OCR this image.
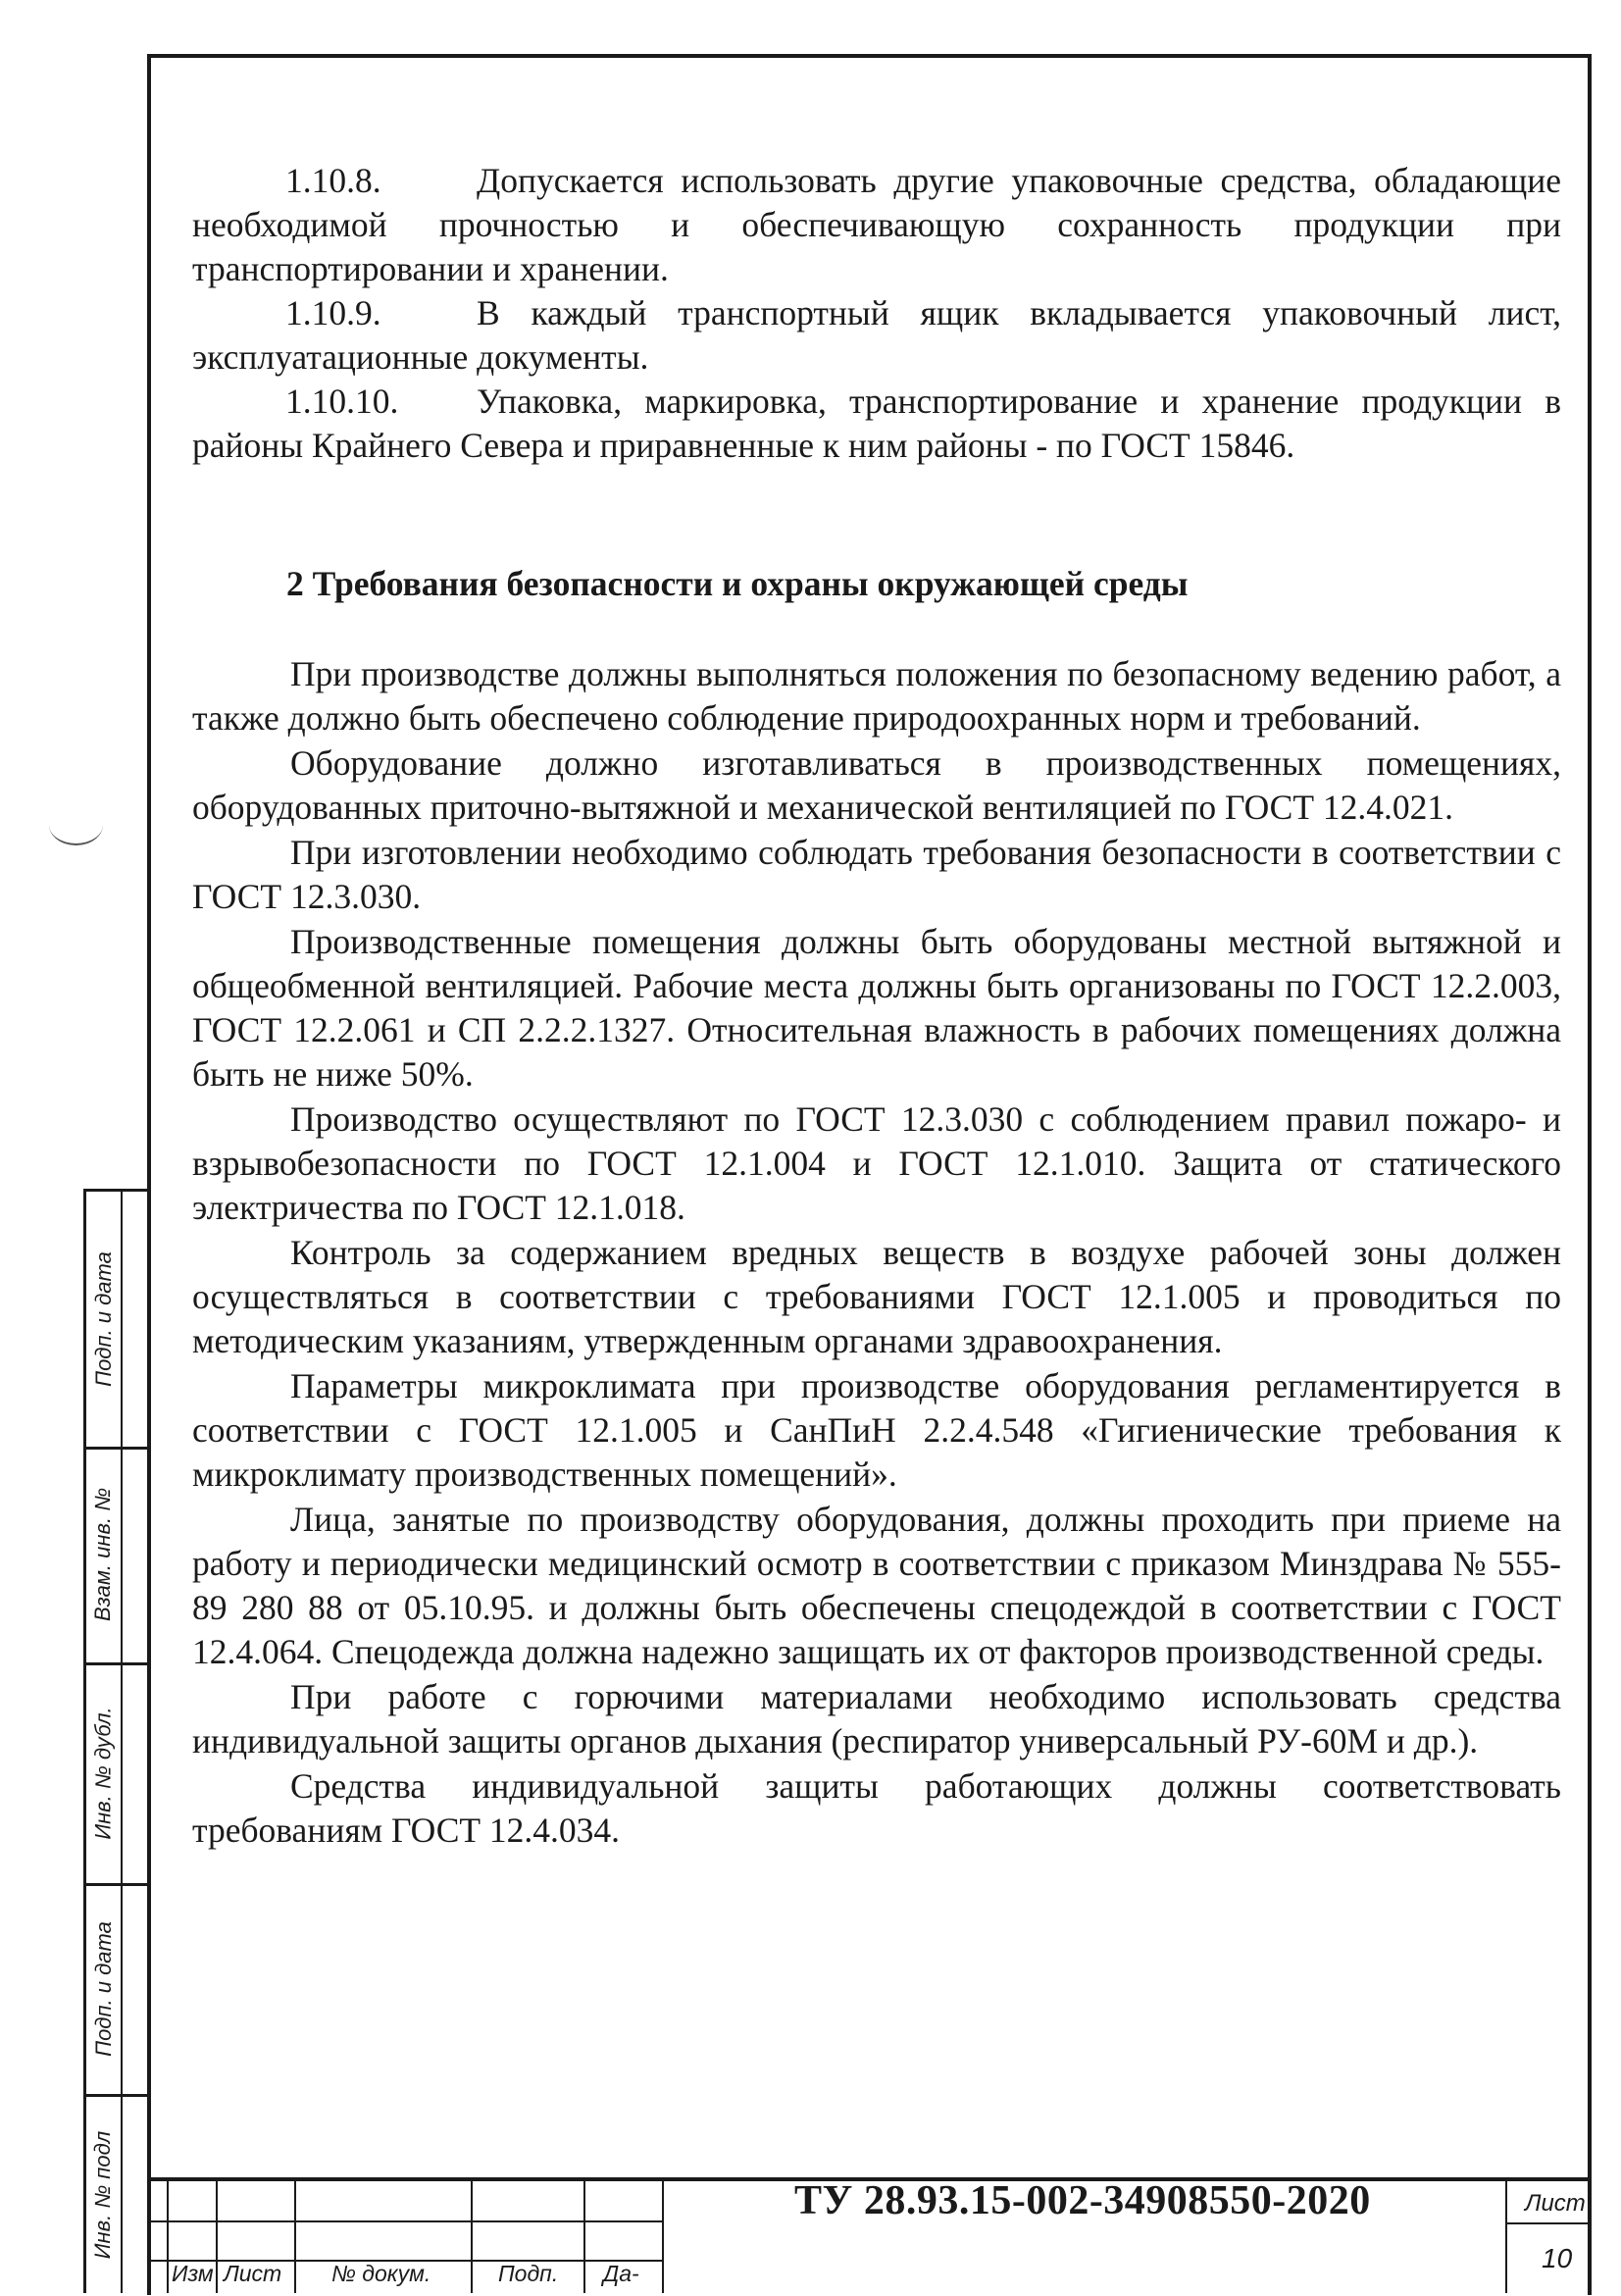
1.10.8.	Допускается использовать другие упаковочные средства, обладающие необходимой прочностью и обеспечивающую сохранность продукции при транспортировании и хранении.

1.10.9.	В каждый транспортный ящик вкладывается упаковочный лист, эксплуатационные документы.

1.10.10. Упаковка, маркировка, транспортирование и хранение продукции в районы Крайнего Севера и приравненные к ним районы - по ГОСТ 15846.

2 Требования безопасности и охраны окружающей среды

При производстве должны выполняться положения по безопасному ведению работ, а также должно быть обеспечено соблюдение природоохранных норм и требований.

Оборудование должно изготавливаться в производственных помещениях, оборудованных приточно-вытяжной и механической вентиляцией по ГОСТ 12.4.021.

При изготовлении необходимо соблюдать требования безопасности в соответствии с ГОСТ 12.3.030.

Производственные помещения должны быть оборудованы местной вытяжной и общеобменной вентиляцией. Рабочие места должны быть организованы по ГОСТ 12.2.003, ГОСТ 12.2.061 и СП 2.2.2.1327. Относительная влажность в рабочих помещениях должна быть не ниже 50%.

Производство осуществляют по ГОСТ 12.3.030 с соблюдением правил пожаро- и взрывобезопасности по ГОСТ 12.1.004 и ГОСТ 12.1.010. Защита от статического электричества по ГОСТ 12.1.018.

Контроль за содержанием вредных веществ в воздухе рабочей зоны должен осуществляться в соответствии с требованиями ГОСТ 12.1.005 и проводиться по методическим указаниям, утвержденным органами здравоохранения.

Параметры микроклимата при производстве оборудования регламентируется в соответствии с ГОСТ 12.1.005 и СанПиН 2.2.4.548 «Гигиенические требования к микроклимату производственных помещений».

Лица, занятые по производству оборудования, должны проходить при приеме на работу и периодически медицинский осмотр в соответствии с приказом Минздрава № 555-89 280 88 от 05.10.95. и должны быть обеспечены спецодеждой в соответствии с ГОСТ 12.4.064. Спецодежда должна надежно защищать их от факторов производственной среды.

При работе с горючими материалами необходимо использовать средства индивидуальной защиты органов дыхания (респиратор универсальный РУ-60М и др.).

Средства индивидуальной защиты работающих должны соответствовать требованиям ГОСТ 12.4.034.

Подп. и дата
Взам. инв. №
Инв. № дубл.
Подп. и дата
Инв. № подл
Изм Лист № докум.	Подп. Да-
ТУ 28.93.15-002-34908550-2020	Лист
10
